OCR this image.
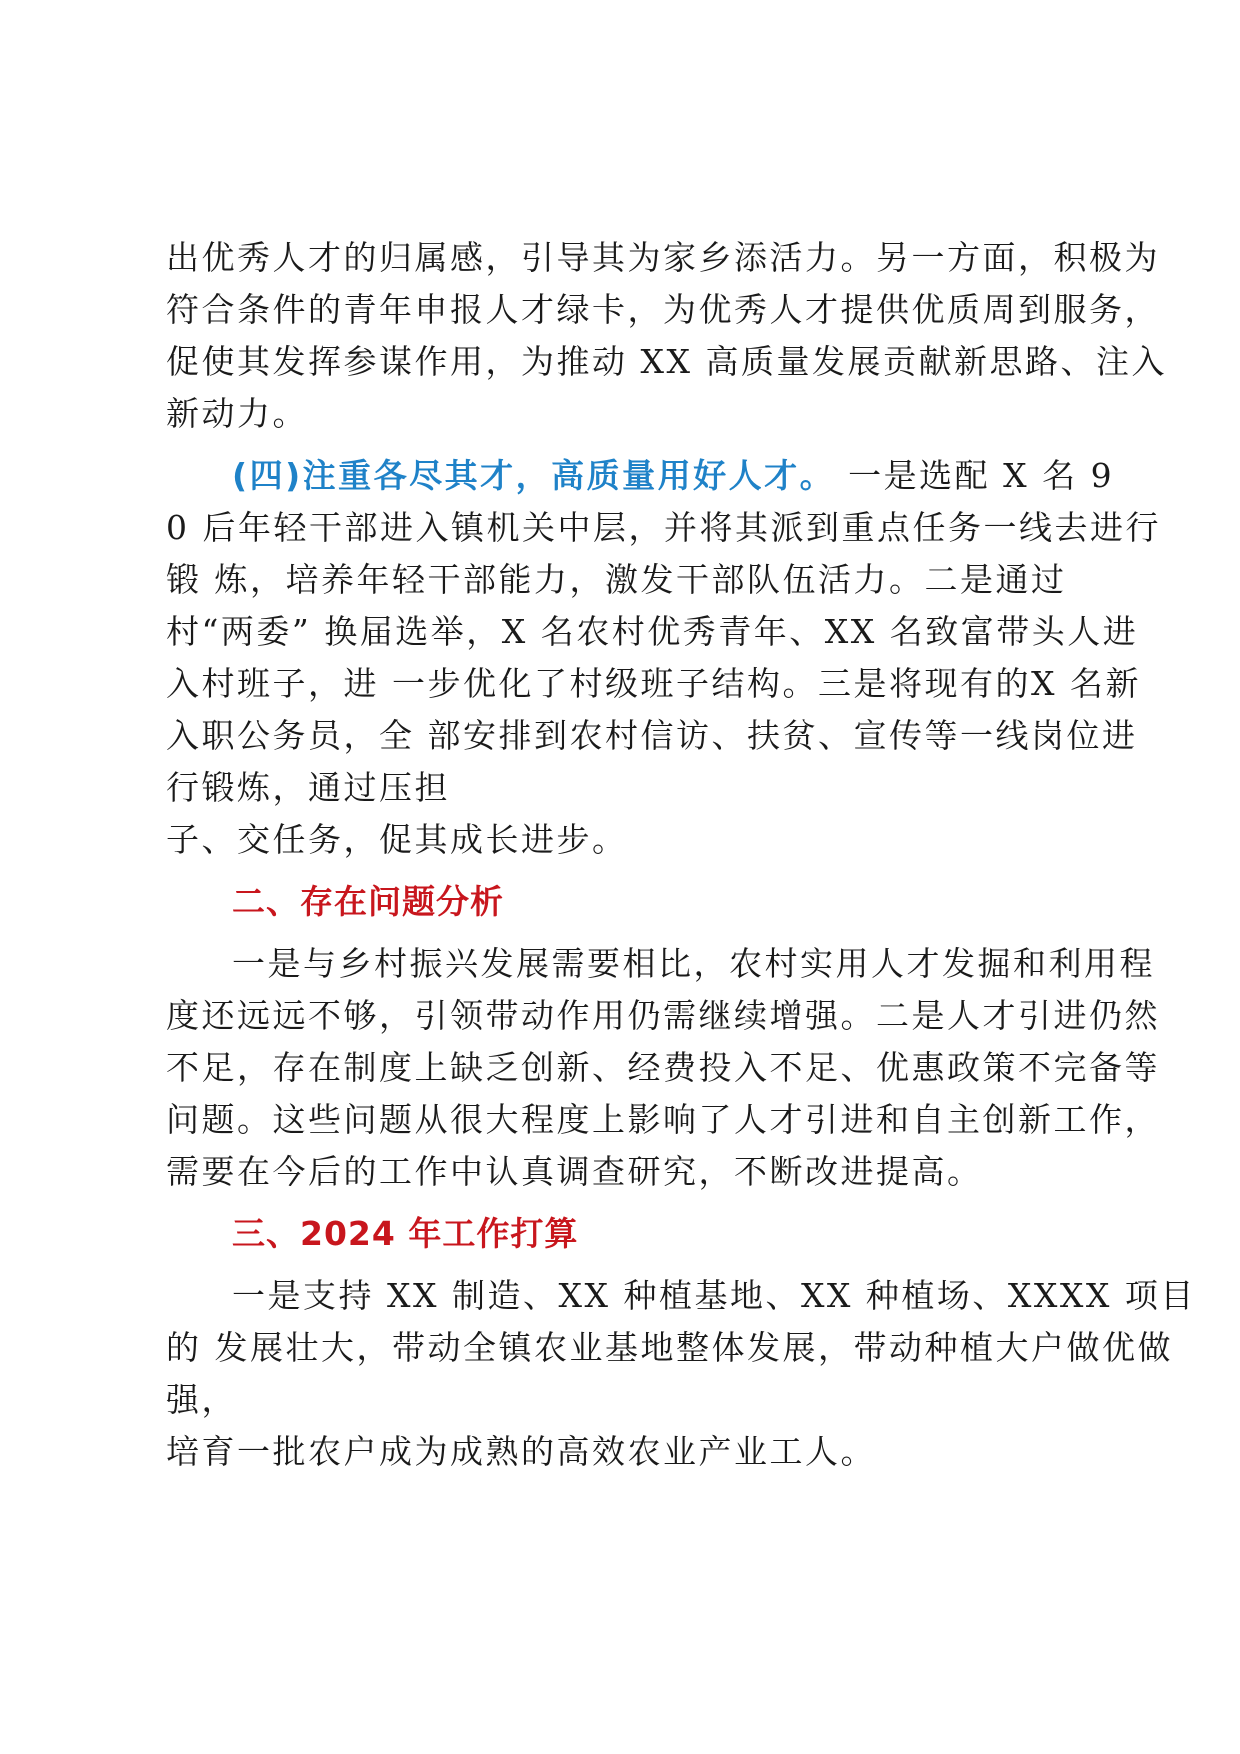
出优秀人才的归属感，引导其为家乡添活力。另一方面，积极为
符合条件的青年申报人才绿卡，为优秀人才提供优质周到服务，
促使其发挥参谋作用，为推动 XX 高质量发展贡献新思路、注入
新动力。
(四)注重各尽其才，高质量用好人才。 一是选配 X 名 9
0 后年轻干部进入镇机关中层，并将其派到重点任务一线去进行
锻 炼，培养年轻干部能力，激发干部队伍活力。二是通过
村“两委” 换届选举，X 名农村优秀青年、XX 名致富带头人进
入村班子，进 一步优化了村级班子结构。三是将现有的X 名新
入职公务员，全 部安排到农村信访、扶贫、宣传等一线岗位进
行锻炼，通过压担
子、交任务，促其成长进步。
二、存在问题分析
一是与乡村振兴发展需要相比，农村实用人才发掘和利用程
度还远远不够，引领带动作用仍需继续增强。二是人才引进仍然
不足，存在制度上缺乏创新、经费投入不足、优惠政策不完备等
问题。这些问题从很大程度上影响了人才引进和自主创新工作，
需要在今后的工作中认真调查研究，不断改进提高。
三、2024 年工作打算
一是支持 XX 制造、XX 种植基地、XX 种植场、XXXX 项目
的 发展壮大，带动全镇农业基地整体发展，带动种植大户做优做
强，
培育一批农户成为成熟的高效农业产业工人。
